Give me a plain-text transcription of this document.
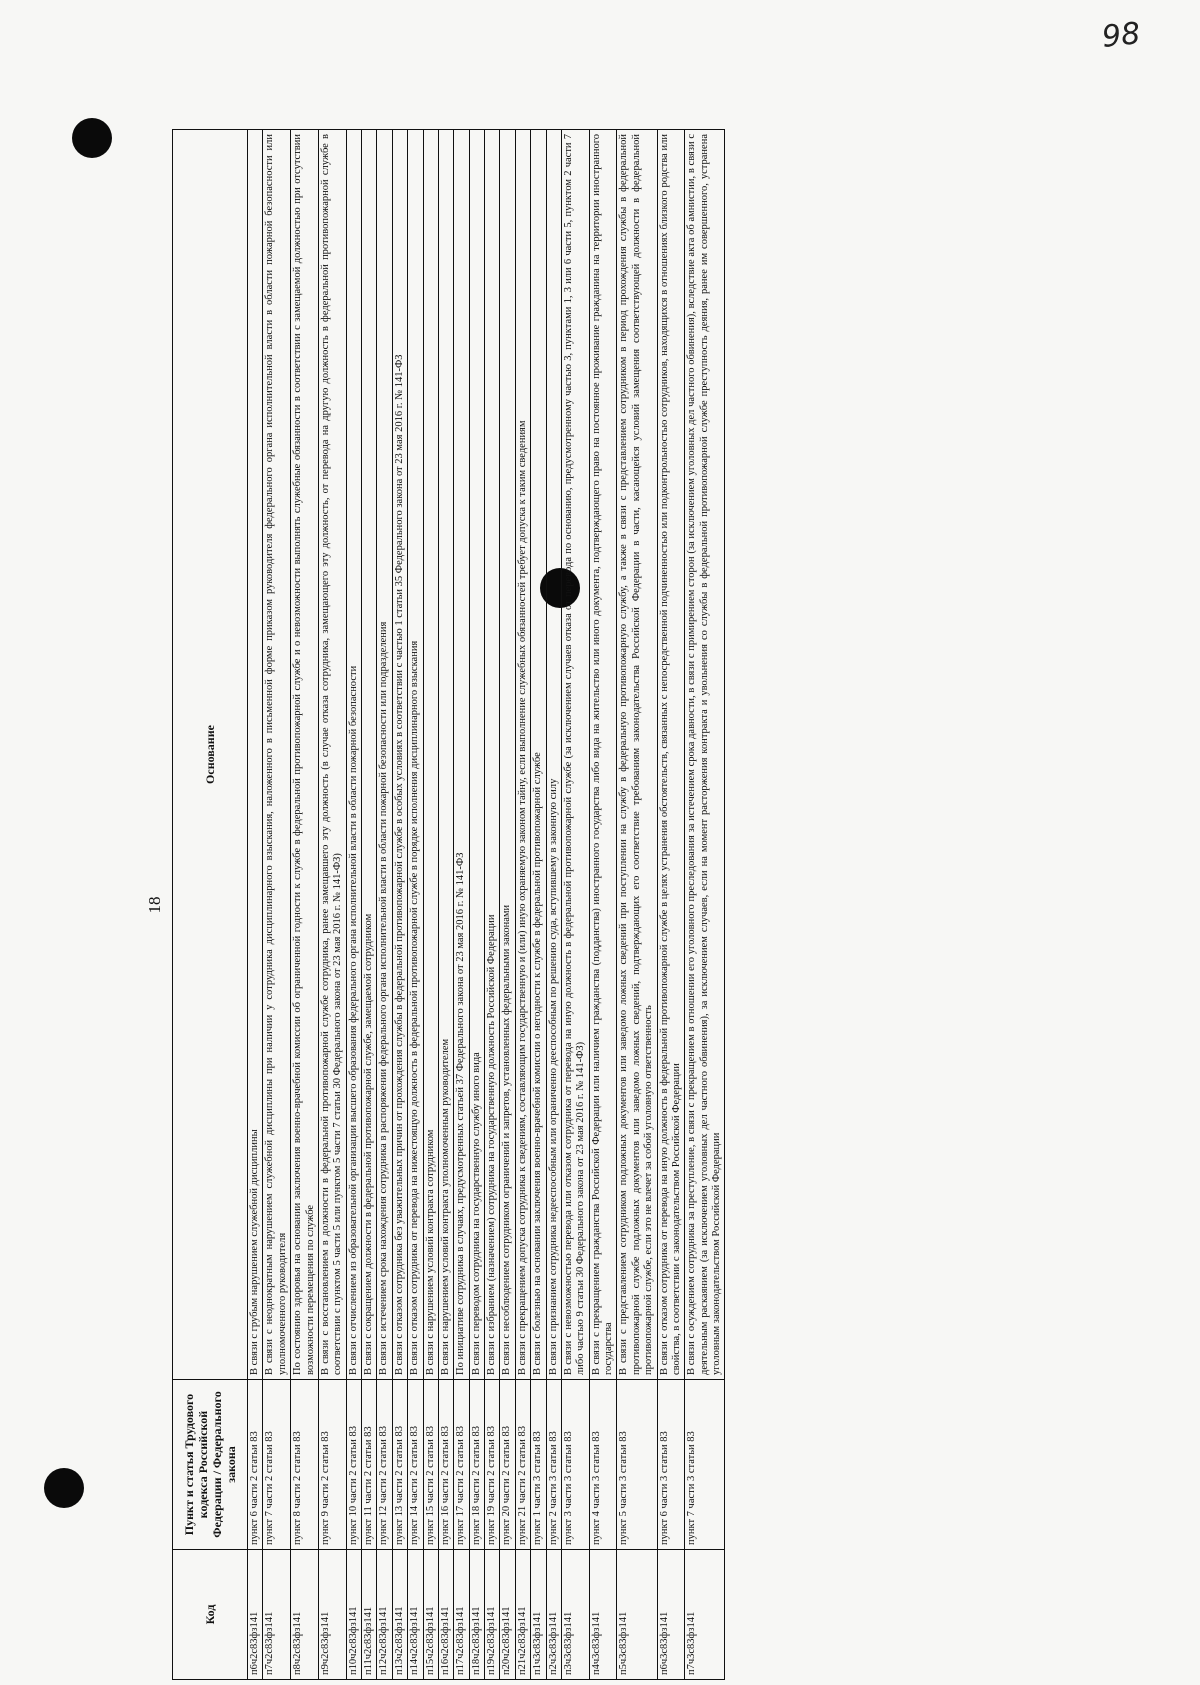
98
18
Код	Пункт и статья Трудового кодекса Российской Федерации / Федерального закона	Основание
п6ч2с83фз141	пункт 6 части 2 статьи 83	В связи с грубым нарушением служебной дисциплины
п7ч2с83фз141	пункт 7 части 2 статьи 83	В связи с неоднократным нарушением служебной дисциплины при наличии у сотрудника дисциплинарного взыскания, наложенного в письменной форме приказом руководителя федерального органа исполнительной власти в области пожарной безопасности или уполномоченного руководителя
п8ч2с83фз141	пункт 8 части 2 статьи 83	По состоянию здоровья на основании заключения военно-врачебной комиссии об ограниченной годности к службе в федеральной противопожарной службе и о невозможности выполнять служебные обязанности в соответствии с замещаемой должностью при отсутствии возможности перемещения по службе
п9ч2с83фз141	пункт 9 части 2 статьи 83	В связи с восстановлением в должности в федеральной противопожарной службе сотрудника, ранее замещавшего эту должность (в случае отказа сотрудника, замещающего эту должность, от перевода на другую должность в федеральной противопожарной службе в соответствии с пунктом 5 части 5 или пунктом 5 части 7 статьи 30 Федерального закона от 23 мая 2016 г. № 141-ФЗ)
п10ч2с83фз141	пункт 10 части 2 статьи 83	В связи с отчислением из образовательной организации высшего образования федерального органа исполнительной власти в области пожарной безопасности
п11ч2с83фз141	пункт 11 части 2 статьи 83	В связи с сокращением должности в федеральной противопожарной службе, замещаемой сотрудником
п12ч2с83фз141	пункт 12 части 2 статьи 83	В связи с истечением срока нахождения сотрудника в распоряжении федерального органа исполнительной власти в области пожарной безопасности или подразделения
п13ч2с83фз141	пункт 13 части 2 статьи 83	В связи с отказом сотрудника без уважительных причин от прохождения службы в федеральной противопожарной службе в особых условиях в соответствии с частью 1 статьи 35 Федерального закона от 23 мая 2016 г. № 141-ФЗ
п14ч2с83фз141	пункт 14 части 2 статьи 83	В связи с отказом сотрудника от перевода на нижестоящую должность в федеральной противопожарной службе в порядке исполнения дисциплинарного взыскания
п15ч2с83фз141	пункт 15 части 2 статьи 83	В связи с нарушением условий контракта сотрудником
п16ч2с83фз141	пункт 16 части 2 статьи 83	В связи с нарушением условий контракта уполномоченным руководителем
п17ч2с83фз141	пункт 17 части 2 статьи 83	По инициативе сотрудника в случаях, предусмотренных статьей 37 Федерального закона от 23 мая 2016 г. № 141-ФЗ
п18ч2с83фз141	пункт 18 части 2 статьи 83	В связи с переводом сотрудника на государственную службу иного вида
п19ч2с83фз141	пункт 19 части 2 статьи 83	В связи с избранием (назначением) сотрудника на государственную должность Российской Федерации
п20ч2с83фз141	пункт 20 части 2 статьи 83	В связи с несоблюдением сотрудником ограничений и запретов, установленных федеральными законами
п21ч2с83фз141	пункт 21 части 2 статьи 83	В связи с прекращением допуска сотрудника к сведениям, составляющим государственную и (или) иную охраняемую законом тайну, если выполнение служебных обязанностей требует допуска к таким сведениям
п1ч3с83фз141	пункт 1 части 3 статьи 83	В связи с болезнью на основании заключения военно-врачебной комиссии о негодности к службе в федеральной противопожарной службе
п2ч3с83фз141	пункт 2 части 3 статьи 83	В связи с признанием сотрудника недееспособным или ограниченно дееспособным по решению суда, вступившему в законную силу
п3ч3с83фз141	пункт 3 части 3 статьи 83	В связи с невозможностью перевода или отказом сотрудника от перевода на иную должность в федеральной противопожарной службе (за исключением случаев отказа от перевода по основанию, предусмотренному частью 3, пунктами 1, 3 или 6 части 5, пунктом 2 части 7 либо частью 9 статьи 30 Федерального закона от 23 мая 2016 г. № 141-ФЗ)
п4ч3с83фз141	пункт 4 части 3 статьи 83	В связи с прекращением гражданства Российской Федерации или наличием гражданства (подданства) иностранного государства либо вида на жительство или иного документа, подтверждающего право на постоянное проживание гражданина на территории иностранного государства
п5ч3с83фз141	пункт 5 части 3 статьи 83	В связи с представлением сотрудником подложных документов или заведомо ложных сведений при поступлении на службу в федеральную противопожарную службу, а также в связи с представлением сотрудником в период прохождения службы в федеральной противопожарной службе подложных документов или заведомо ложных сведений, подтверждающих его соответствие требованиям законодательства Российской Федерации в части, касающейся условий замещения соответствующей должности в федеральной противопожарной службе, если это не влечет за собой уголовную ответственность
п6ч3с83фз141	пункт 6 части 3 статьи 83	В связи с отказом сотрудника от перевода на иную должность в федеральной противопожарной службе в целях устранения обстоятельств, связанных с непосредственной подчиненностью или подконтрольностью сотрудников, находящихся в отношениях близкого родства или свойства, в соответствии с законодательством Российской Федерации
п7ч3с83фз141	пункт 7 части 3 статьи 83	В связи с осуждением сотрудника за преступление, в связи с прекращением в отношении его уголовного преследования за истечением срока давности, в связи с примирением сторон (за исключением уголовных дел частного обвинения), вследствие акта об амнистии, в связи с деятельным раскаянием (за исключением уголовных дел частного обвинения), за исключением случаев, если на момент расторжения контракта и увольнения со службы в федеральной противопожарной службе преступность деяния, ранее им совершенного, устранена уголовным законодательством Российской Федерации
